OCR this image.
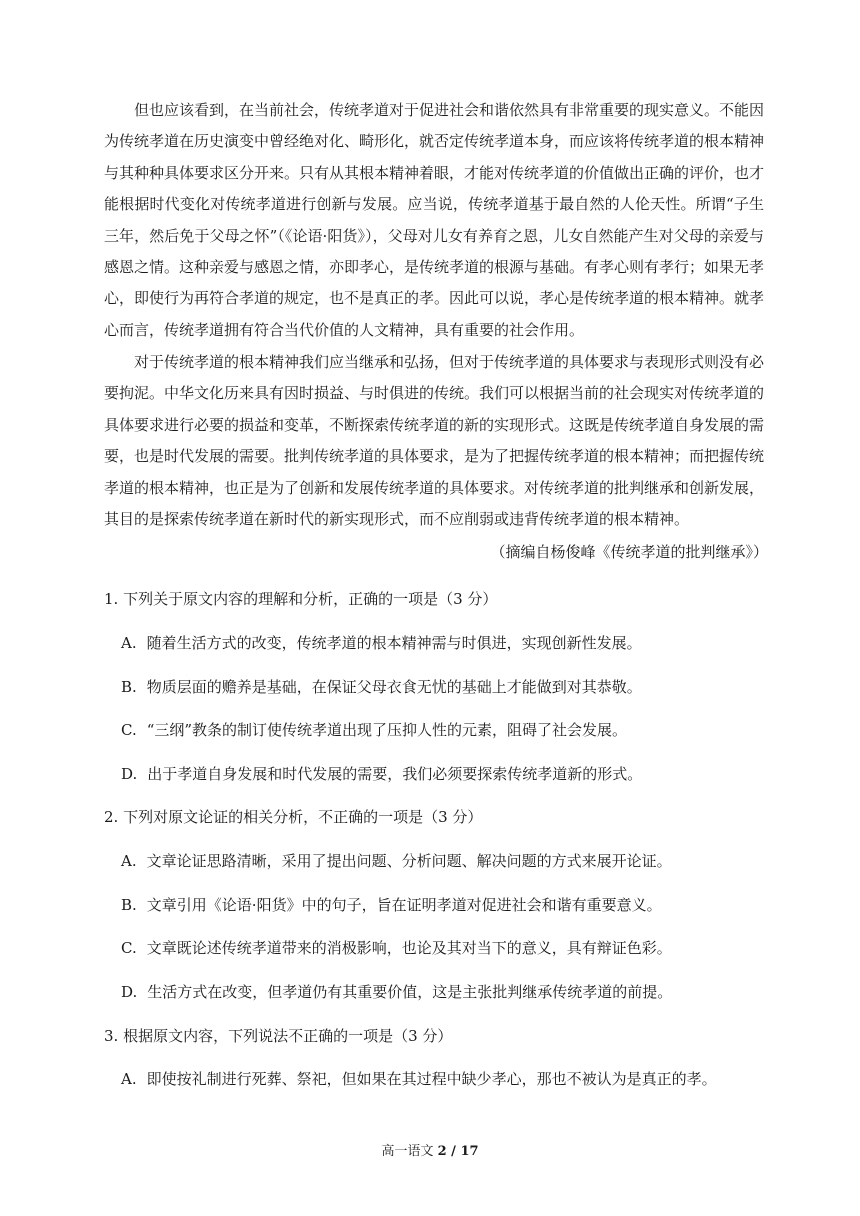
但也应该看到，在当前社会，传统孝道对于促进社会和谐依然具有非常重要的现实意义。不能因为传统孝道在历史演变中曾经绝对化、畸形化，就否定传统孝道本身，而应该将传统孝道的根本精神与其种种具体要求区分开来。只有从其根本精神着眼，才能对传统孝道的价值做出正确的评价，也才能根据时代变化对传统孝道进行创新与发展。应当说，传统孝道基于最自然的人伦天性。所谓“子生三年，然后免于父母之怀”（《论语·阳货》），父母对儿女有养育之恩，儿女自然能产生对父母的亲爱与感恩之情。这种亲爱与感恩之情，亦即孝心，是传统孝道的根源与基础。有孝心则有孝行；如果无孝心，即使行为再符合孝道的规定，也不是真正的孝。因此可以说，孝心是传统孝道的根本精神。就孝心而言，传统孝道拥有符合当代价值的人文精神，具有重要的社会作用。

对于传统孝道的根本精神我们应当继承和弘扬，但对于传统孝道的具体要求与表现形式则没有必要拘泥。中华文化历来具有因时损益、与时俱进的传统。我们可以根据当前的社会现实对传统孝道的具体要求进行必要的损益和变革，不断探索传统孝道的新的实现形式。这既是传统孝道自身发展的需要，也是时代发展的需要。批判传统孝道的具体要求，是为了把握传统孝道的根本精神；而把握传统孝道的根本精神，也正是为了创新和发展传统孝道的具体要求。对传统孝道的批判继承和创新发展，其目的是探索传统孝道在新时代的新实现形式，而不应削弱或违背传统孝道的根本精神。

（摘编自杨俊峰《传统孝道的批判继承》）

1. 下列关于原文内容的理解和分析，正确的一项是（3 分）

A. 随着生活方式的改变，传统孝道的根本精神需与时俱进，实现创新性发展。

B. 物质层面的赡养是基础，在保证父母衣食无忧的基础上才能做到对其恭敬。

C. “三纲”教条的制订使传统孝道出现了压抑人性的元素，阻碍了社会发展。

D. 出于孝道自身发展和时代发展的需要，我们必须要探索传统孝道新的形式。

2. 下列对原文论证的相关分析，不正确的一项是（3 分）

A. 文章论证思路清晰，采用了提出问题、分析问题、解决问题的方式来展开论证。

B. 文章引用《论语·阳货》中的句子，旨在证明孝道对促进社会和谐有重要意义。

C. 文章既论述传统孝道带来的消极影响，也论及其对当下的意义，具有辩证色彩。

D. 生活方式在改变，但孝道仍有其重要价值，这是主张批判继承传统孝道的前提。

3. 根据原文内容，下列说法不正确的一项是（3 分）

A. 即使按礼制进行死葬、祭祀，但如果在其过程中缺少孝心，那也不被认为是真正的孝。

高一语文 2 / 17
